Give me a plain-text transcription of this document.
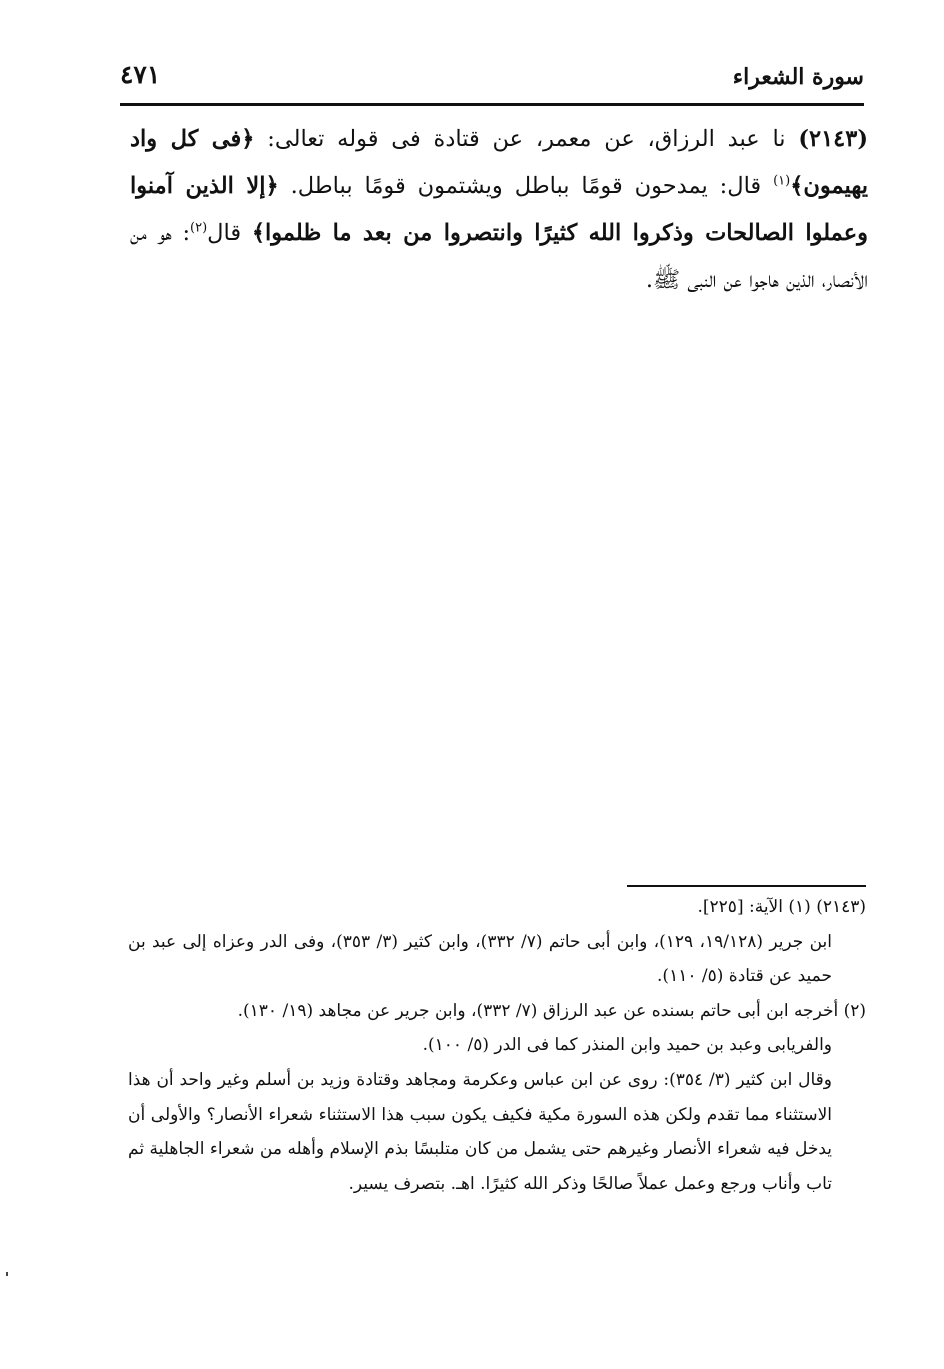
سورة الشعراء
٤٧١
(٢١٤٣) نا عبد الرزاق، عن معمر، عن قتادة فى قوله تعالى: ﴿فى كل واد يهيمون﴾$^{(١)}$ قال: يمدحون قومًا بباطل ويشتمون قومًا بباطل. ﴿إلا الذين آمنوا وعملوا الصالحات وذكروا الله كثيرًا وانتصروا من بعد ما ظلموا﴾ قال$^{(٢)}$: هو من الأنصار، الذين هاجوا عن النبى ﷺ.

(٢١٤٣) (١) الآية: [٢٢٥].

ابن جرير (١٩/١٢٨، ١٢٩)، وابن أبى حاتم (٧/ ٣٣٢)، وابن كثير (٣/ ٣٥٣)، وفى الدر وعزاه إلى عبد بن حميد عن قتادة (٥/ ١١٠).

(٢) أخرجه ابن أبى حاتم بسنده عن عبد الرزاق (٧/ ٣٣٢)، وابن جرير عن مجاهد (١٩/ ١٣٠).

والفريابى وعبد بن حميد وابن المنذر كما فى الدر (٥/ ١٠٠).

وقال ابن كثير (٣/ ٣٥٤): روى عن ابن عباس وعكرمة ومجاهد وقتادة وزيد بن أسلم وغير واحد أن هذا الاستثناء مما تقدم ولكن هذه السورة مكية فكيف يكون سبب هذا الاستثناء شعراء الأنصار؟ والأولى أن يدخل فيه شعراء الأنصار وغيرهم حتى يشمل من كان متلبسًا بذم الإسلام وأهله من شعراء الجاهلية ثم تاب وأناب ورجع وعمل عملاً صالحًا وذكر الله كثيرًا. اهـ. بتصرف يسير.
